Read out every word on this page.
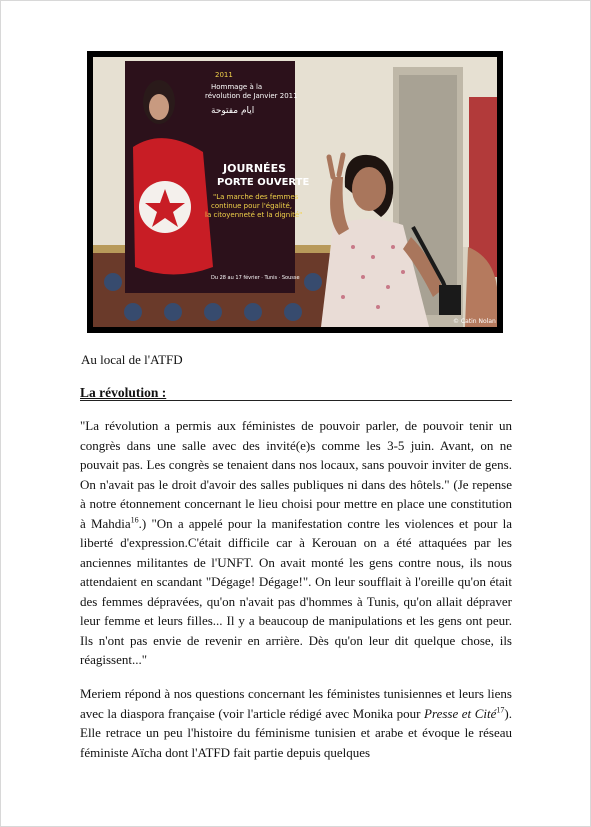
2011
Hommage à la
révolution de Janvier 2011
ايام مفتوحة
JOURNÉES
PORTE OUVERTE
"La marche des femmes
continue pour l'égalité,
la citoyenneté et la dignité"
Du 28 au 17 février · Tunis · Sousse
© Catin Nolan
Au local de l'ATFD
La révolution :
"La révolution a permis aux féministes de pouvoir parler, de pouvoir tenir un congrès dans une salle avec des invité(e)s comme les 3-5 juin. Avant, on ne pouvait pas. Les congrès se tenaient dans nos locaux, sans pouvoir inviter de gens. On n'avait pas le droit d'avoir des salles publiques ni dans des hôtels." (Je repense à notre étonnement concernant le lieu choisi pour mettre en place une constitution à Mahdia$^{16}$.) "On a appelé pour la manifestation contre les violences et pour la liberté d'expression.C'était difficile car à Kerouan on a été attaquées par les anciennes militantes de l'UNFT. On avait monté les gens contre nous, ils nous attendaient en scandant "Dégage! Dégage!". On leur soufflait à l'oreille qu'on était des femmes dépravées, qu'on n'avait pas d'hommes à Tunis, qu'on allait dépraver leur femme et leurs filles... Il y a beaucoup de manipulations et les gens ont peur. Ils n'ont pas envie de revenir en arrière. Dès qu'on leur dit quelque chose, ils réagissent..."
Meriem répond à nos questions concernant les féministes tunisiennes et leurs liens avec la diaspora française (voir l'article rédigé avec Monika pour Presse et Cité$^{17}$). Elle retrace un peu l'histoire du féminisme tunisien et arabe et évoque le réseau féministe Aïcha dont l'ATFD fait partie depuis quelques
